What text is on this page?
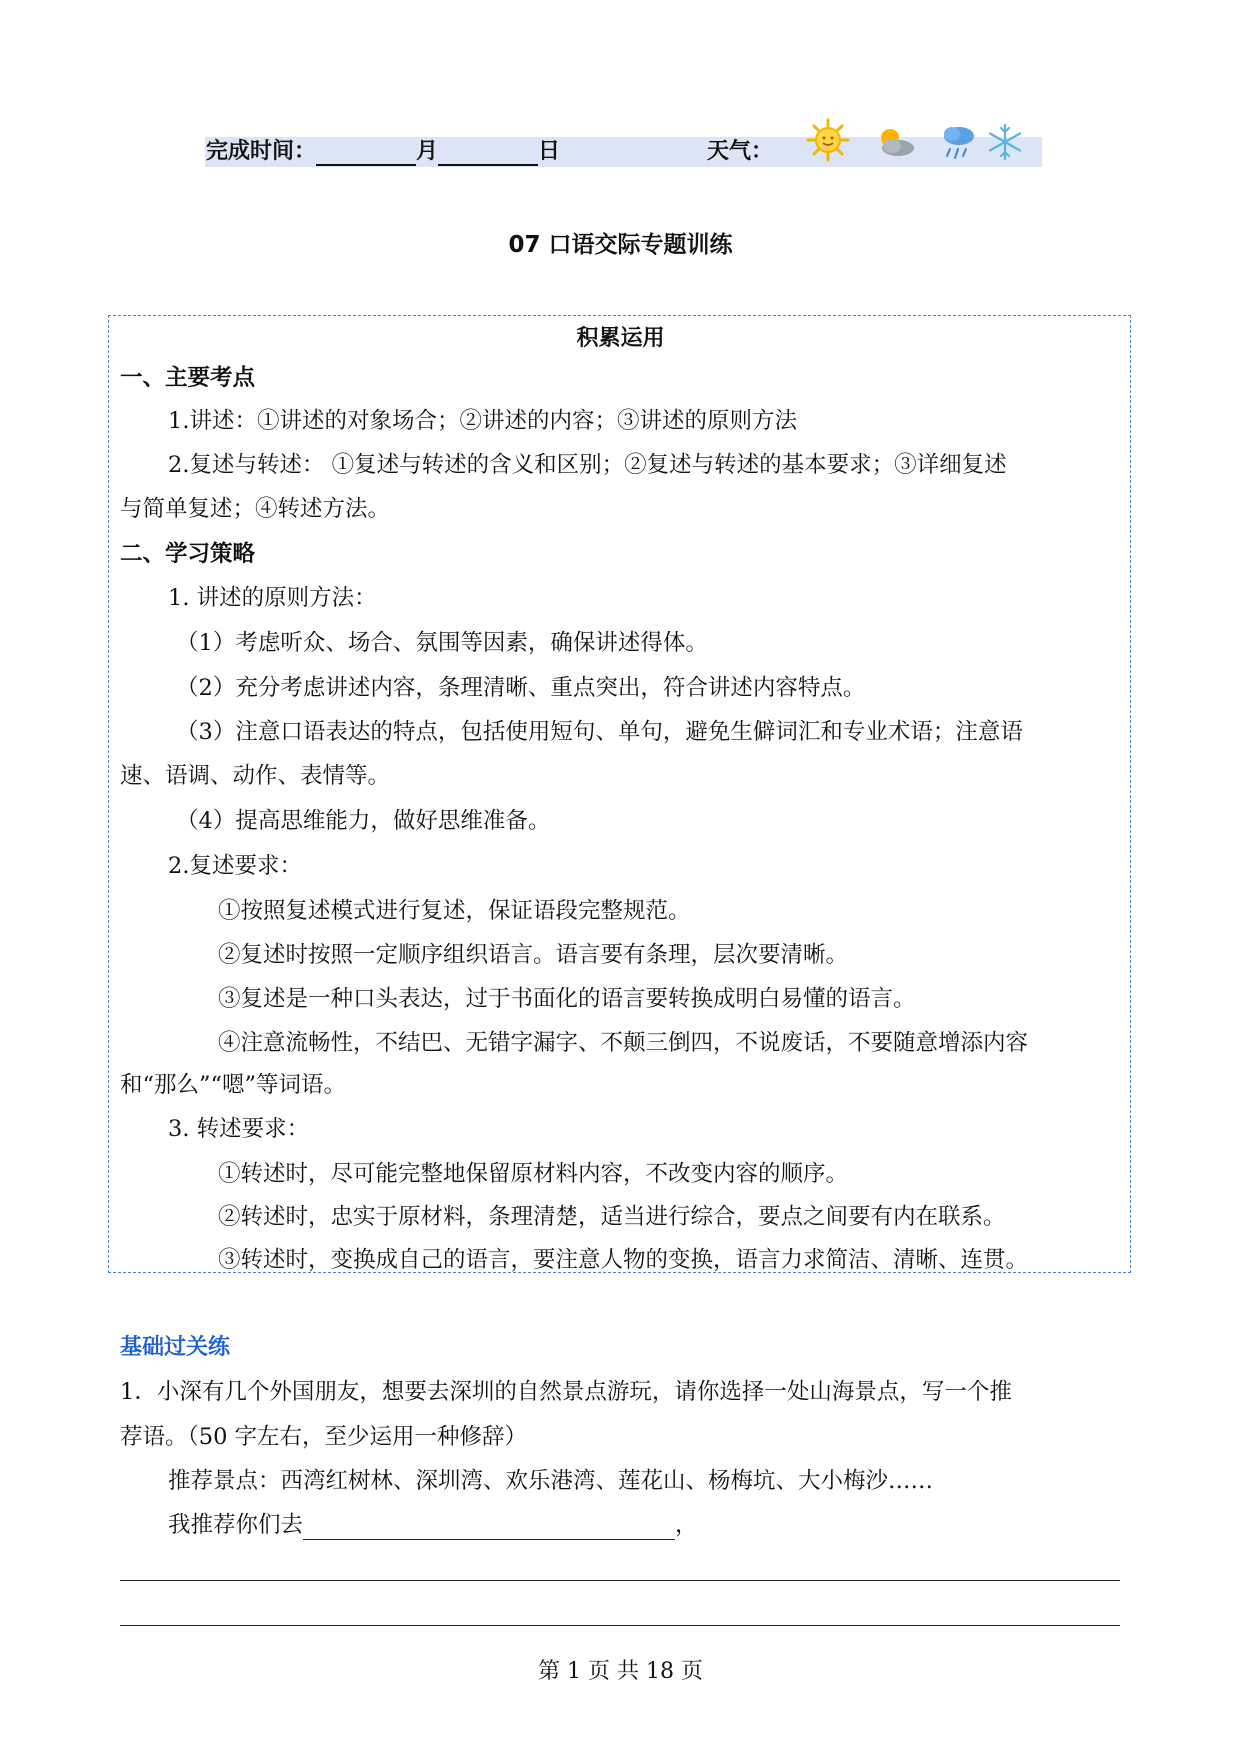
完成时间：	月	日	天气：
07 口语交际专题训练
积累运用
一、主要考点
1.讲述：①讲述的对象场合；②讲述的内容；③讲述的原则方法
2.复述与转述： ①复述与转述的含义和区别；②复述与转述的基本要求；③详细复述
与简单复述；④转述方法。
二、学习策略
1. 讲述的原则方法：
（1）考虑听众、场合、氛围等因素，确保讲述得体。
（2）充分考虑讲述内容，条理清晰、重点突出，符合讲述内容特点。
（3）注意口语表达的特点，包括使用短句、单句，避免生僻词汇和专业术语；注意语
速、语调、动作、表情等。
（4）提高思维能力，做好思维准备。
2.复述要求：
①按照复述模式进行复述，保证语段完整规范。
②复述时按照一定顺序组织语言。语言要有条理，层次要清晰。
③复述是一种口头表达，过于书面化的语言要转换成明白易懂的语言。
④注意流畅性，不结巴、无错字漏字、不颠三倒四，不说废话，不要随意增添内容
和“那么”“嗯”等词语。
3. 转述要求：
①转述时，尽可能完整地保留原材料内容，不改变内容的顺序。
②转述时，忠实于原材料，条理清楚，适当进行综合，要点之间要有内在联系。
③转述时，变换成自己的语言，要注意人物的变换，语言力求简洁、清晰、连贯。
基础过关练
1．小深有几个外国朋友，想要去深圳的自然景点游玩，请你选择一处山海景点，写一个推
荐语。（50 字左右，至少运用一种修辞）
推荐景点：西湾红树林、深圳湾、欢乐港湾、莲花山、杨梅坑、大小梅沙……
我推荐你们去	，
第 1 页 共 18 页
